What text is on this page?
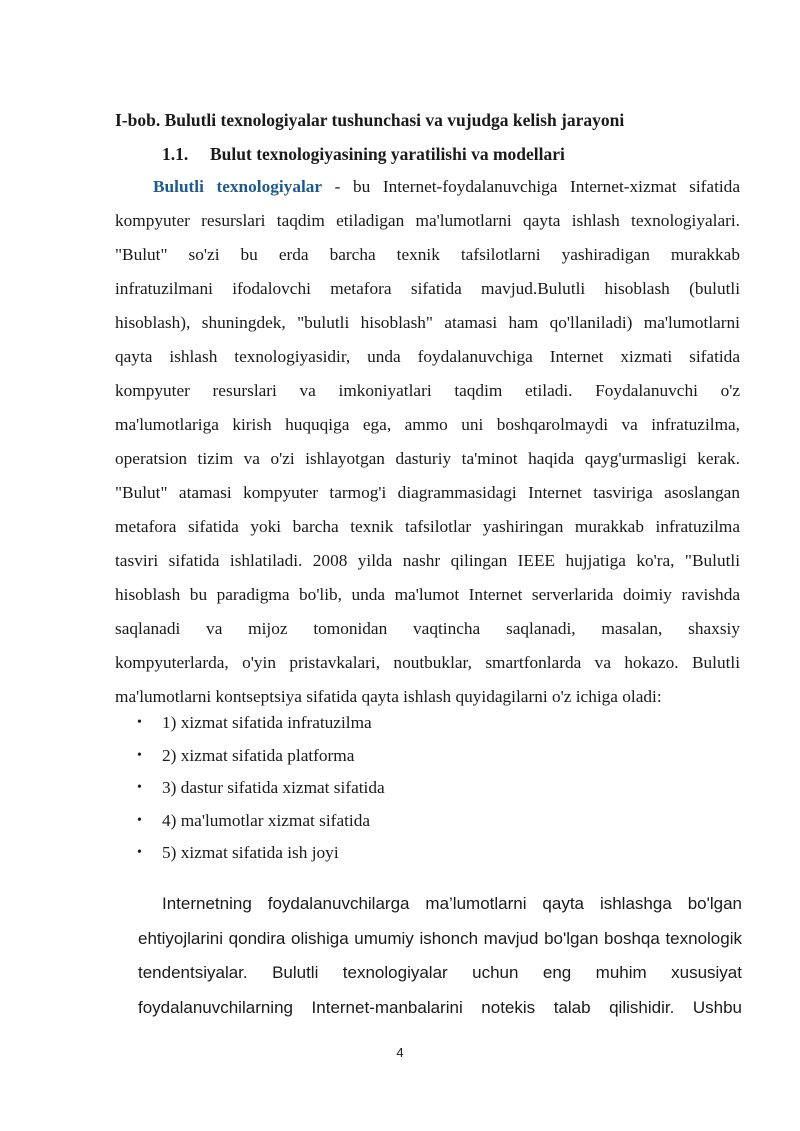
I-bob. Bulutli texnologiyalar tushunchasi va vujudga kelish jarayoni
1.1. Bulut texnologiyasining yaratilishi va modellari
Bulutli texnologiyalar - bu Internet-foydalanuvchiga Internet-xizmat sifatida
kompyuter resurslari taqdim etiladigan ma'lumotlarni qayta ishlash texnologiyalari.
"Bulut" so'zi bu erda barcha texnik tafsilotlarni yashiradigan murakkab
infratuzilmani ifodalovchi metafora sifatida mavjud.Bulutli hisoblash (bulutli
hisoblash), shuningdek, "bulutli hisoblash" atamasi ham qo'llaniladi) ma'lumotlarni
qayta ishlash texnologiyasidir, unda foydalanuvchiga Internet xizmati sifatida
kompyuter resurslari va imkoniyatlari taqdim etiladi. Foydalanuvchi o'z
ma'lumotlariga kirish huquqiga ega, ammo uni boshqarolmaydi va infratuzilma,
operatsion tizim va o'zi ishlayotgan dasturiy ta'minot haqida qayg'urmasligi kerak.
"Bulut" atamasi kompyuter tarmog'i diagrammasidagi Internet tasviriga asoslangan
metafora sifatida yoki barcha texnik tafsilotlar yashiringan murakkab infratuzilma
tasviri sifatida ishlatiladi. 2008 yilda nashr qilingan IEEE hujjatiga ko'ra, "Bulutli
hisoblash bu paradigma bo'lib, unda ma'lumot Internet serverlarida doimiy ravishda
saqlanadi va mijoz tomonidan vaqtincha saqlanadi, masalan, shaxsiy
kompyuterlarda, o'yin pristavkalari, noutbuklar, smartfonlarda va hokazo. Bulutli
ma'lumotlarni kontseptsiya sifatida qayta ishlash quyidagilarni o'z ichiga oladi:
• 1) xizmat sifatida infratuzilma
• 2) xizmat sifatida platforma
• 3) dastur sifatida xizmat sifatida
• 4) ma'lumotlar xizmat sifatida
• 5) xizmat sifatida ish joyi
Internetning foydalanuvchilarga ma’lumotlarni qayta ishlashga bo'lgan
ehtiyojlarini qondira olishiga umumiy ishonch mavjud bo'lgan boshqa texnologik
tendentsiyalar. Bulutli texnologiyalar uchun eng muhim xususiyat
foydalanuvchilarning Internet-manbalarini notekis talab qilishidir. Ushbu
4
